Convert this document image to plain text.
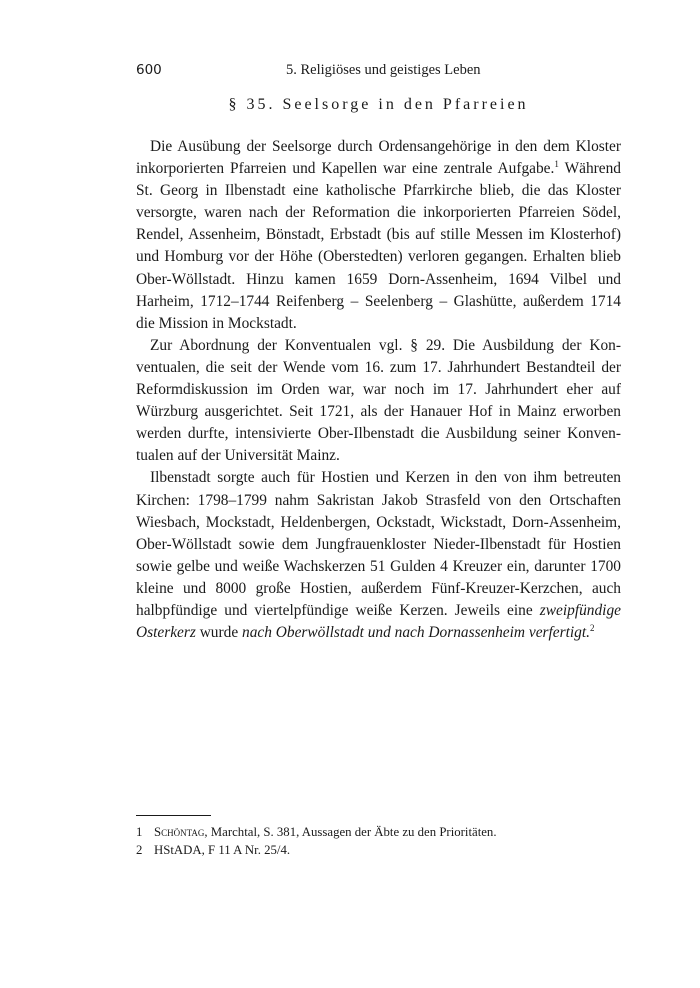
600	5. Religiöses und geistiges Leben
§ 35. Seelsorge in den Pfarreien

Die Ausübung der Seelsorge durch Ordensangehörige in den dem Kloster inkorporierten Pfarreien und Kapellen war eine zentrale Aufgabe.$^1$ Während St. Georg in Ilbenstadt eine katholische Pfarrkirche blieb, die das Kloster versorgte, waren nach der Reformation die inkorporierten Pfarreien Södel, Rendel, Assenheim, Bönstadt, Erbstadt (bis auf stille Messen im Klosterhof) und Homburg vor der Höhe (Oberstedten) verloren gegangen. Erhalten blieb Ober-Wöllstadt. Hinzu kamen 1659 Dorn-Assenheim, 1694 Vilbel und Harheim, 1712–1744 Reifenberg – Seelenberg – Glashütte, außerdem 1714 die Mission in Mockstadt.

Zur Abordnung der Konventualen vgl. § 29. Die Ausbildung der Konventualen, die seit der Wende vom 16. zum 17. Jahrhundert Bestandteil der Reformdiskussion im Orden war, war noch im 17. Jahrhundert eher auf Würzburg ausgerichtet. Seit 1721, als der Hanauer Hof in Mainz erworben werden durfte, intensivierte Ober-Ilbenstadt die Ausbildung seiner Konventualen auf der Universität Mainz.

Ilbenstadt sorgte auch für Hostien und Kerzen in den von ihm betreuten Kirchen: 1798–1799 nahm Sakristan Jakob Strasfeld von den Ortschaften Wiesbach, Mockstadt, Heldenbergen, Ockstadt, Wickstadt, Dorn-Assenheim, Ober-Wöllstadt sowie dem Jungfrauenkloster Nieder-Ilbenstadt für Hostien sowie gelbe und weiße Wachskerzen 51 Gulden 4 Kreuzer ein, darunter 1700 kleine und 8000 große Hostien, außerdem Fünf-Kreuzer-Kerzchen, auch halbpfündige und viertelpfündige weiße Kerzen. Jeweils eine zweipfündige Osterkerz wurde nach Oberwöllstadt und nach Dornassenheim verfertigt.$^2$

1 Schöntag, Marchtal, S. 381, Aussagen der Äbte zu den Prioritäten.
2 HStADA, F 11 A Nr. 25/4.
